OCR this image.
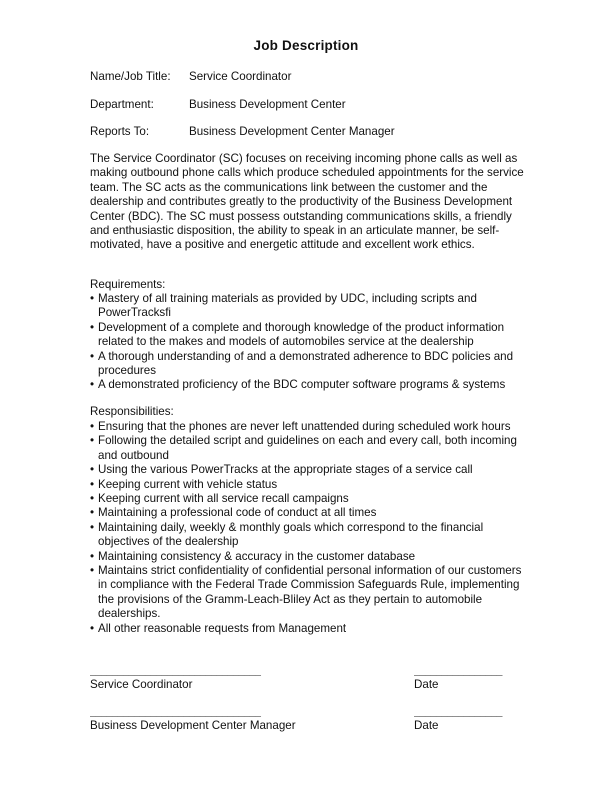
Job Description
Name/Job Title: Service Coordinator
Department:	Business Development Center
Reports To:	Business Development Center Manager

The Service Coordinator (SC) focuses on receiving incoming phone calls as well as making outbound phone calls which produce scheduled appointments for the service team. The SC acts as the communications link between the customer and the dealership and contributes greatly to the productivity of the Business Development Center (BDC). The SC must possess outstanding communications skills, a friendly and enthusiastic disposition, the ability to speak in an articulate manner, be self-motivated, have a positive and energetic attitude and excellent work ethics.

Requirements:
• Mastery of all training materials as provided by UDC, including scripts and PowerTracksfi
• Development of a complete and thorough knowledge of the product information related to the makes and models of automobiles service at the dealership
• A thorough understanding of and a demonstrated adherence to BDC policies and procedures
• A demonstrated proficiency of the BDC computer software programs & systems
Responsibilities:
• Ensuring that the phones are never left unattended during scheduled work hours
• Following the detailed script and guidelines on each and every call, both incoming and outbound
• Using the various PowerTracks at the appropriate stages of a service call
• Keeping current with vehicle status
• Keeping current with all service recall campaigns
• Maintaining a professional code of conduct at all times
• Maintaining daily, weekly & monthly goals which correspond to the financial objectives of the dealership
• Maintaining consistency & accuracy in the customer database
• Maintains strict confidentiality of confidential personal information of our customers in compliance with the Federal Trade Commission Safeguards Rule, implementing the provisions of the Gramm-Leach-Bliley Act as they pertain to automobile dealerships.
• All other reasonable requests from Management
_______________________________
Service Coordinator
________________
Date
_______________________________
Business Development Center Manager
________________
Date
